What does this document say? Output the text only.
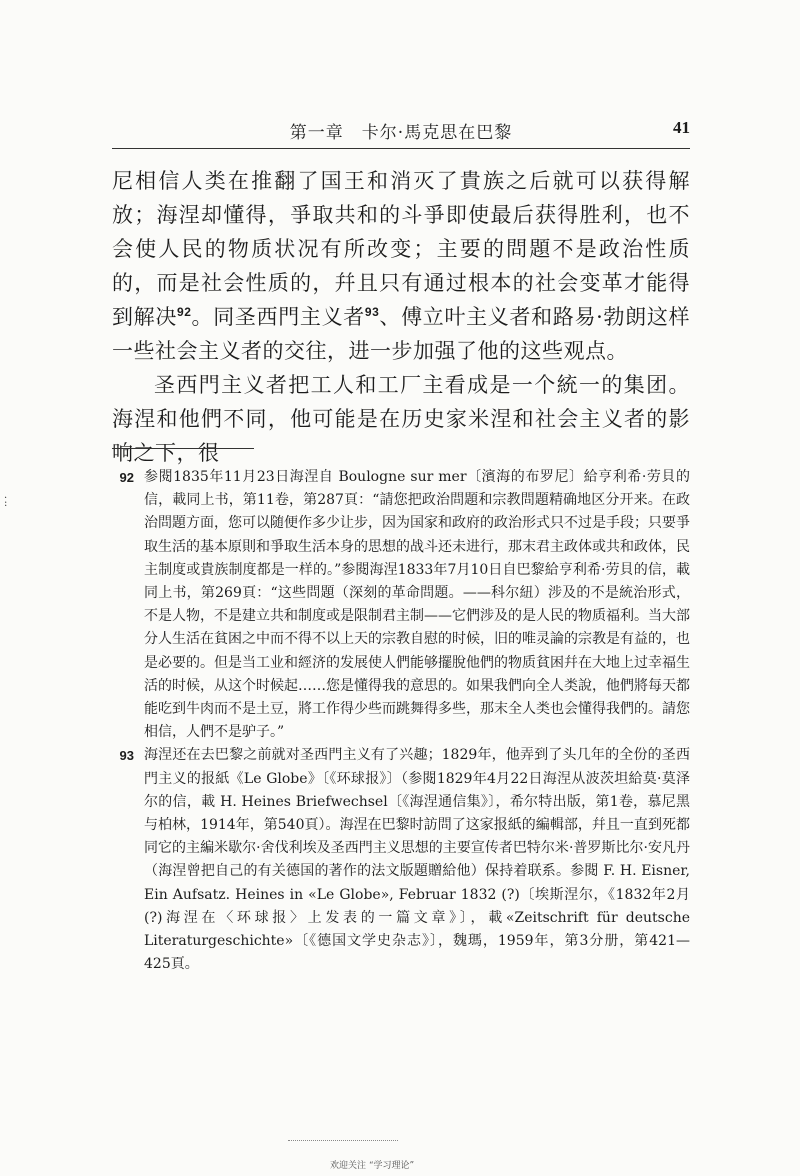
第一章　卡尔·馬克思在巴黎	41

尼相信人类在推翻了国王和消灭了貴族之后就可以获得解放；海涅却懂得，爭取共和的斗爭即使最后获得胜利，也不会使人民的物质状况有所改变；主要的問題不是政治性质的，而是社会性质的，幷且只有通过根本的社会变革才能得到解决$^{92}$。同圣西門主义者$^{93}$、傅立叶主义者和路易·勃朗这样一些社会主义者的交往，进一步加强了他的这些观点。

圣西門主义者把工人和工厂主看成是一个統一的集团。海涅和他們不同，他可能是在历史家米涅和社会主义者的影响之下，很

92 参閱1835年11月23日海涅自 Boulogne sur mer〔濱海的布罗尼〕給亨利希·劳貝的信，載同上书，第11卷，第287頁：“請您把政治問題和宗教問題精确地区分开来。在政治問題方面，您可以随便作多少让步，因为国家和政府的政治形式只不过是手段；只要爭取生活的基本原則和爭取生活本身的思想的战斗还未进行，那末君主政体或共和政体，民主制度或貴族制度都是一样的。”参閱海涅1833年7月10日自巴黎給亨利希·劳貝的信，載同上书，第269頁：“这些問題（深刻的革命問題。——科尔紐）涉及的不是統治形式，不是人物，不是建立共和制度或是限制君主制——它們涉及的是人民的物质福利。当大部分人生活在貧困之中而不得不以上天的宗教自慰的时候，旧的唯灵論的宗教是有益的，也是必要的。但是当工业和經济的发展使人們能够擺脫他們的物质貧困幷在大地上过幸福生活的时候，从这个时候起……您是懂得我的意思的。如果我們向全人类說，他們將每天都能吃到牛肉而不是土豆，將工作得少些而跳舞得多些，那末全人类也会懂得我們的。請您相信，人們不是驴子。”

93 海涅还在去巴黎之前就对圣西門主义有了兴趣；1829年，他弄到了头几年的全份的圣西門主义的报紙《Le Globe》〔《环球报》〕（参閱1829年4月22日海涅从波茨坦給莫·莫泽尔的信，載 H. Heines Briefwechsel〔《海涅通信集》〕，希尔特出版，第1卷，慕尼黑与柏林，1914年，第540頁）。海涅在巴黎时訪問了这家报紙的編輯部，幷且一直到死都同它的主編米歇尔·舍伐利埃及圣西門主义思想的主要宣传者巴特尔米·普罗斯比尔·安凡丹（海涅曾把自己的有关德国的著作的法文版題贈給他）保持着联系。参閱 F. H. Eisner, Ein Aufsatz. Heines in «Le Globe», Februar 1832 (?)〔埃斯涅尔，《1832年2月(?)海涅在〈环球报〉上发表的一篇文章》〕，載«Zeitschrift für deutsche Literaturgeschichte»〔《德国文学史杂志》〕，魏瑪，1959年，第3分册，第421—425頁。

.
:
欢迎关注 “学习理论”
